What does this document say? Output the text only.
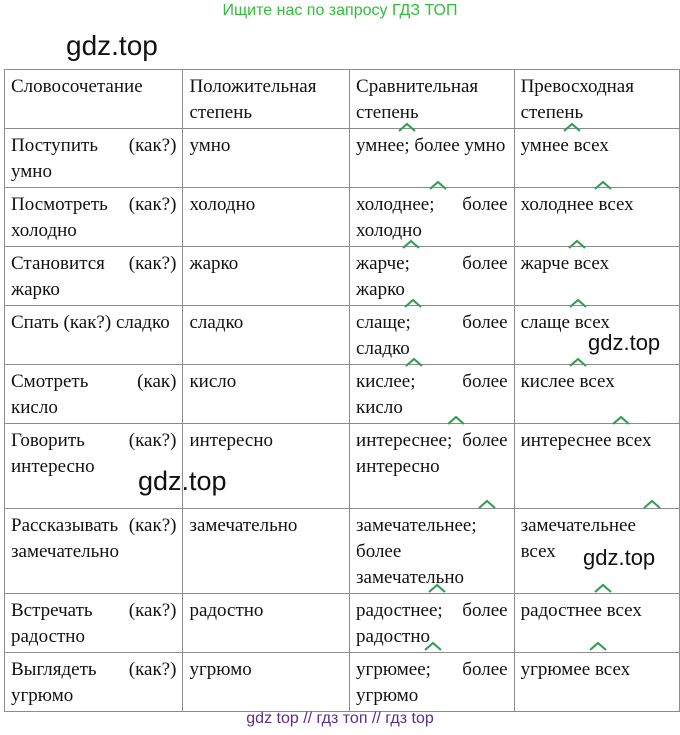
Ищите нас по запросу ГДЗ ТОП
gdz.top
Словосочетание	Положительная степень	Сравнительная степень	Превосходная степень
Поступить (как?) умно	умно	умнее; более умно	умнее всех
Посмотреть (как?) холодно	холодно	холоднее; более холодно	холоднее всех
Становится (как?) жарко	жарко	жарче; более жарко	жарче всех
Спать (как?) сладко	сладко	слаще; более сладко	слаще всех
Смотреть (как) кисло	кисло	кислее; более кисло	кислее всех
Говорить (как?) интересно	интересно	интереснее; более интересно	интереснее всех
Рассказывать (как?) замечательно	замечательно	замечательнее; более замечательно	замечательнее всех
Встречать (как?) радостно	радостно	радостнее; более радостно	радостнее всех
Выглядеть (как?) угрюмо	угрюмо	угрюмее; более угрюмо	угрюмее всех
gdz.top
gdz.top
gdz.top
gdz top // гдз топ // гдз top
